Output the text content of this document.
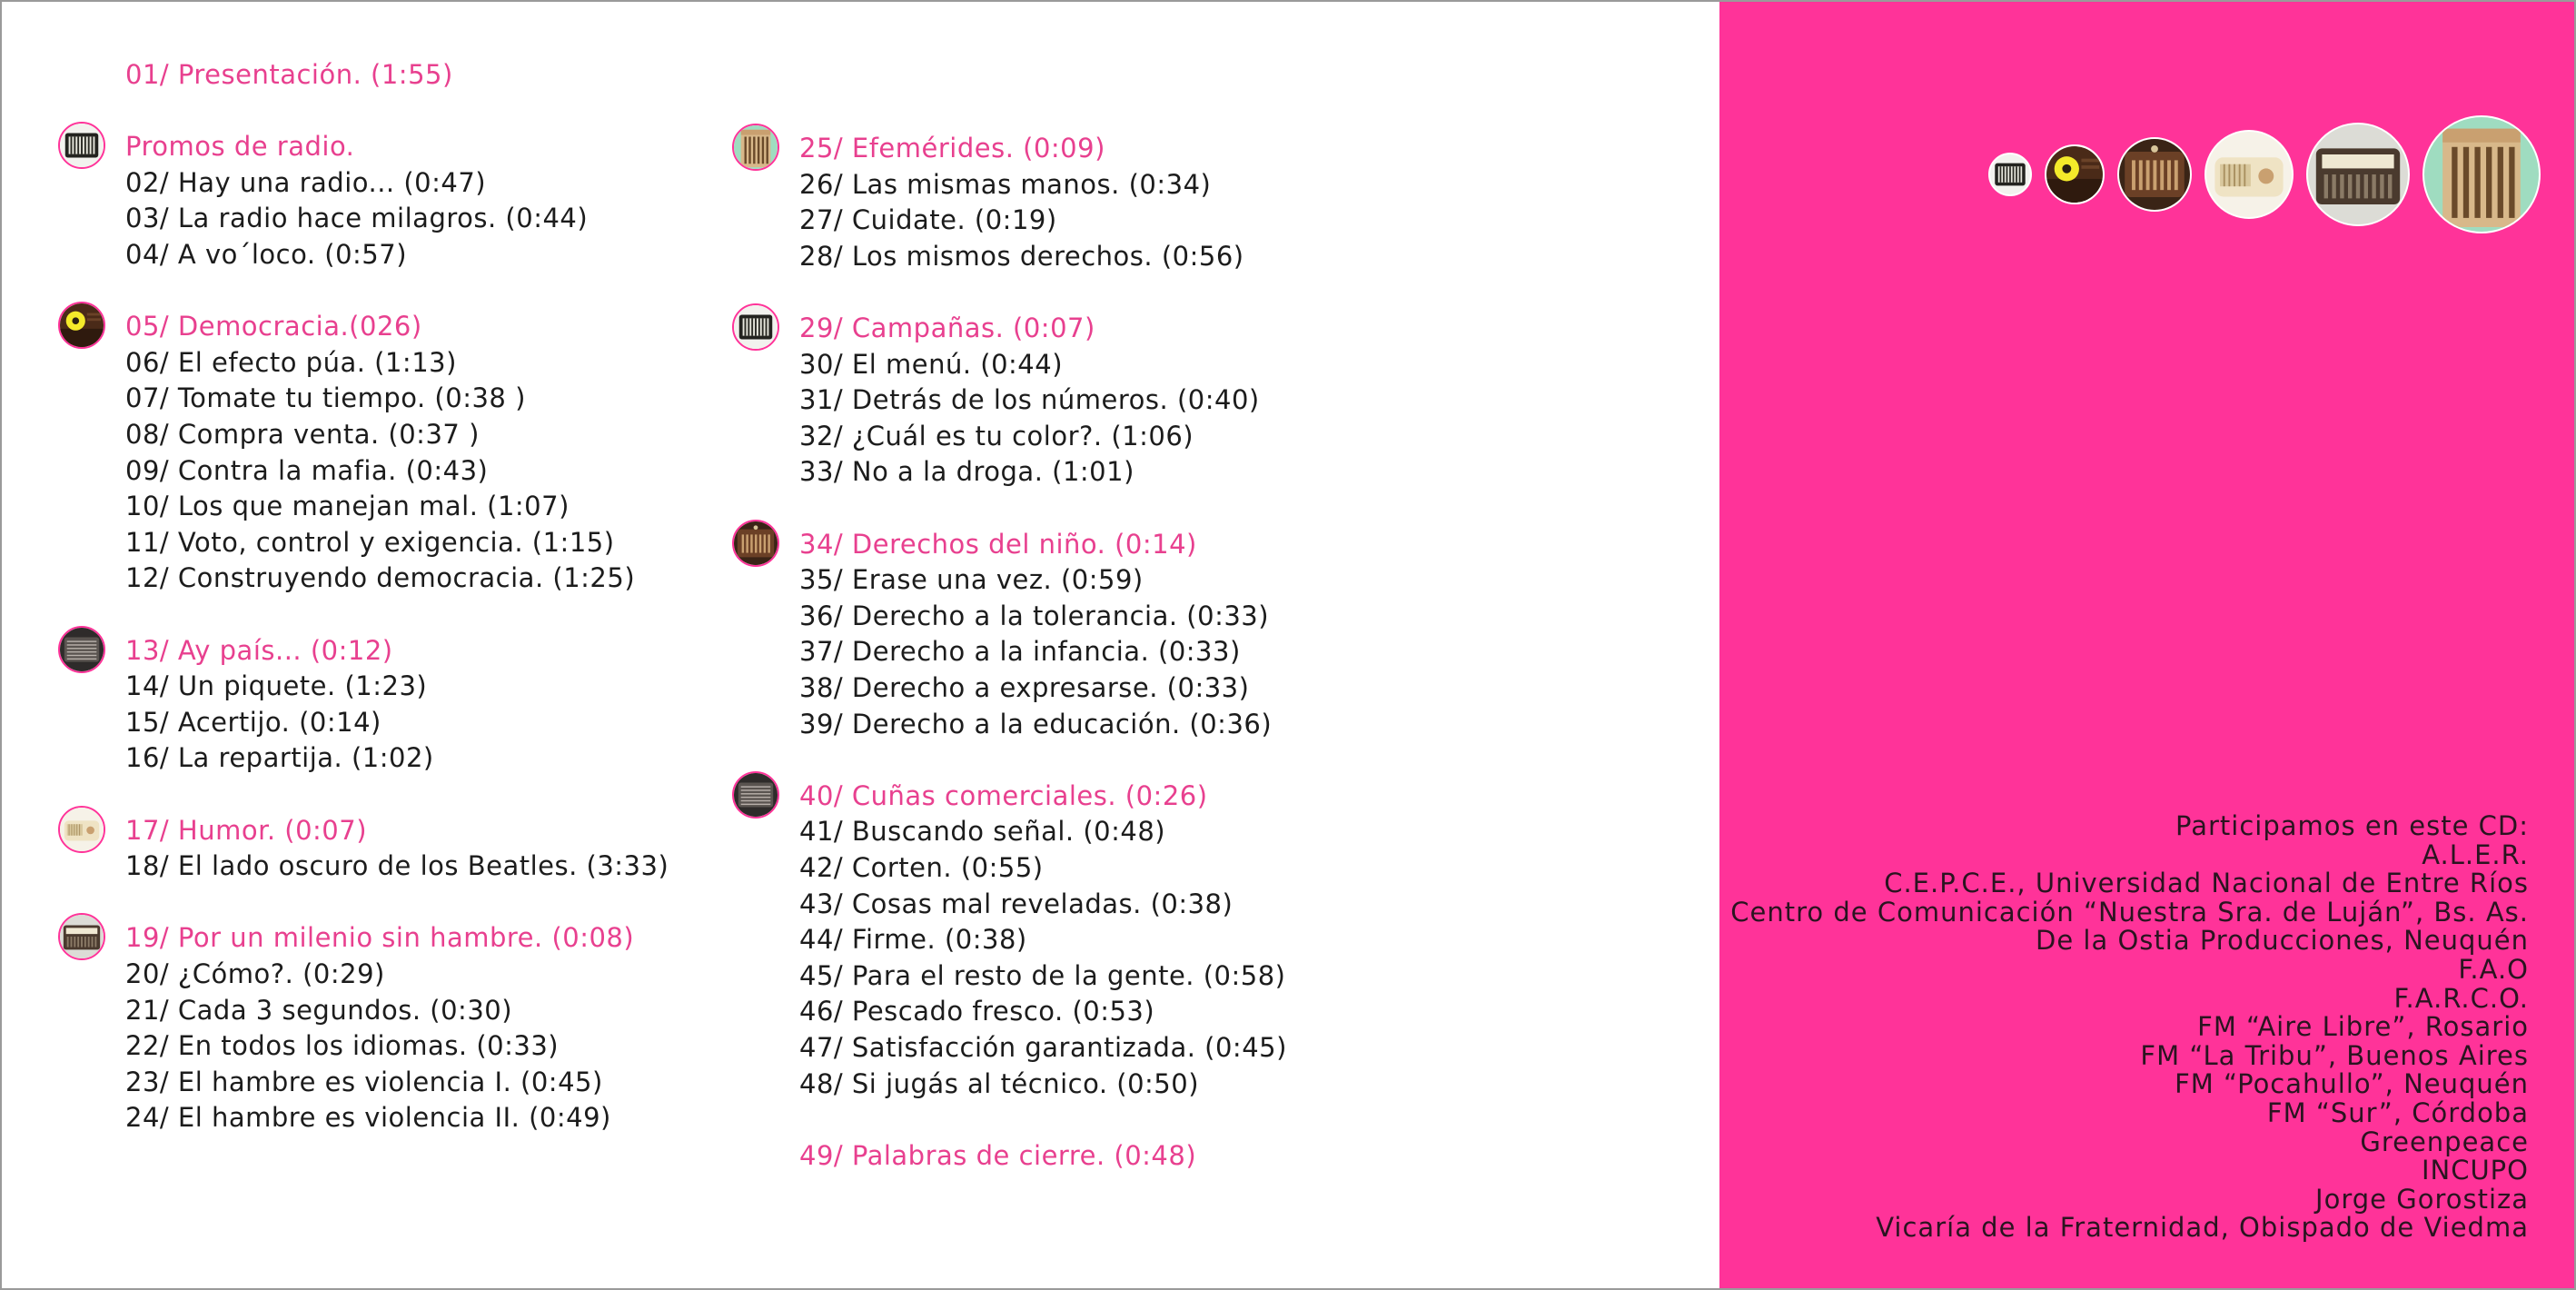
01/ Presentación. (1:55)
Promos de radio.
02/ Hay una radio... (0:47)
03/ La radio hace milagros. (0:44)
04/ A vo´loco. (0:57)
05/ Democracia.(026)
06/ El efecto púa. (1:13)
07/ Tomate tu tiempo. (0:38 )
08/ Compra venta. (0:37 )
09/ Contra la mafia. (0:43)
10/ Los que manejan mal. (1:07)
11/ Voto, control y exigencia. (1:15)
12/ Construyendo democracia. (1:25)
13/ Ay país... (0:12)
14/ Un piquete. (1:23)
15/ Acertijo. (0:14)
16/ La repartija. (1:02)
17/ Humor. (0:07)
18/ El lado oscuro de los Beatles. (3:33)
19/ Por un milenio sin hambre. (0:08)
20/ ¿Cómo?. (0:29)
21/ Cada 3 segundos. (0:30)
22/ En todos los idiomas. (0:33)
23/ El hambre es violencia I. (0:45)
24/ El hambre es violencia II. (0:49)
25/ Efemérides. (0:09)
26/ Las mismas manos. (0:34)
27/ Cuidate. (0:19)
28/ Los mismos derechos. (0:56)
29/ Campañas. (0:07)
30/ El menú. (0:44)
31/ Detrás de los números. (0:40)
32/ ¿Cuál es tu color?. (1:06)
33/ No a la droga. (1:01)
34/ Derechos del niño. (0:14)
35/ Erase una vez. (0:59)
36/ Derecho a la tolerancia. (0:33)
37/ Derecho a la infancia. (0:33)
38/ Derecho a expresarse. (0:33)
39/ Derecho a la educación. (0:36)
40/ Cuñas comerciales. (0:26)
41/ Buscando señal. (0:48)
42/ Corten. (0:55)
43/ Cosas mal reveladas. (0:38)
44/ Firme. (0:38)
45/ Para el resto de la gente. (0:58)
46/ Pescado fresco. (0:53)
47/ Satisfacción garantizada. (0:45)
48/ Si jugás al técnico. (0:50)
49/ Palabras de cierre. (0:48)
Participamos en este CD:
A.L.E.R.
C.E.P.C.E., Universidad Nacional de Entre Ríos
Centro de Comunicación “Nuestra Sra. de Luján”, Bs. As.
De la Ostia Producciones, Neuquén
F.A.O
F.A.R.C.O.
FM “Aire Libre”, Rosario
FM “La Tribu”, Buenos Aires
FM “Pocahullo”, Neuquén
FM “Sur”, Córdoba
Greenpeace
INCUPO
Jorge Gorostiza
Vicaría de la Fraternidad, Obispado de Viedma
